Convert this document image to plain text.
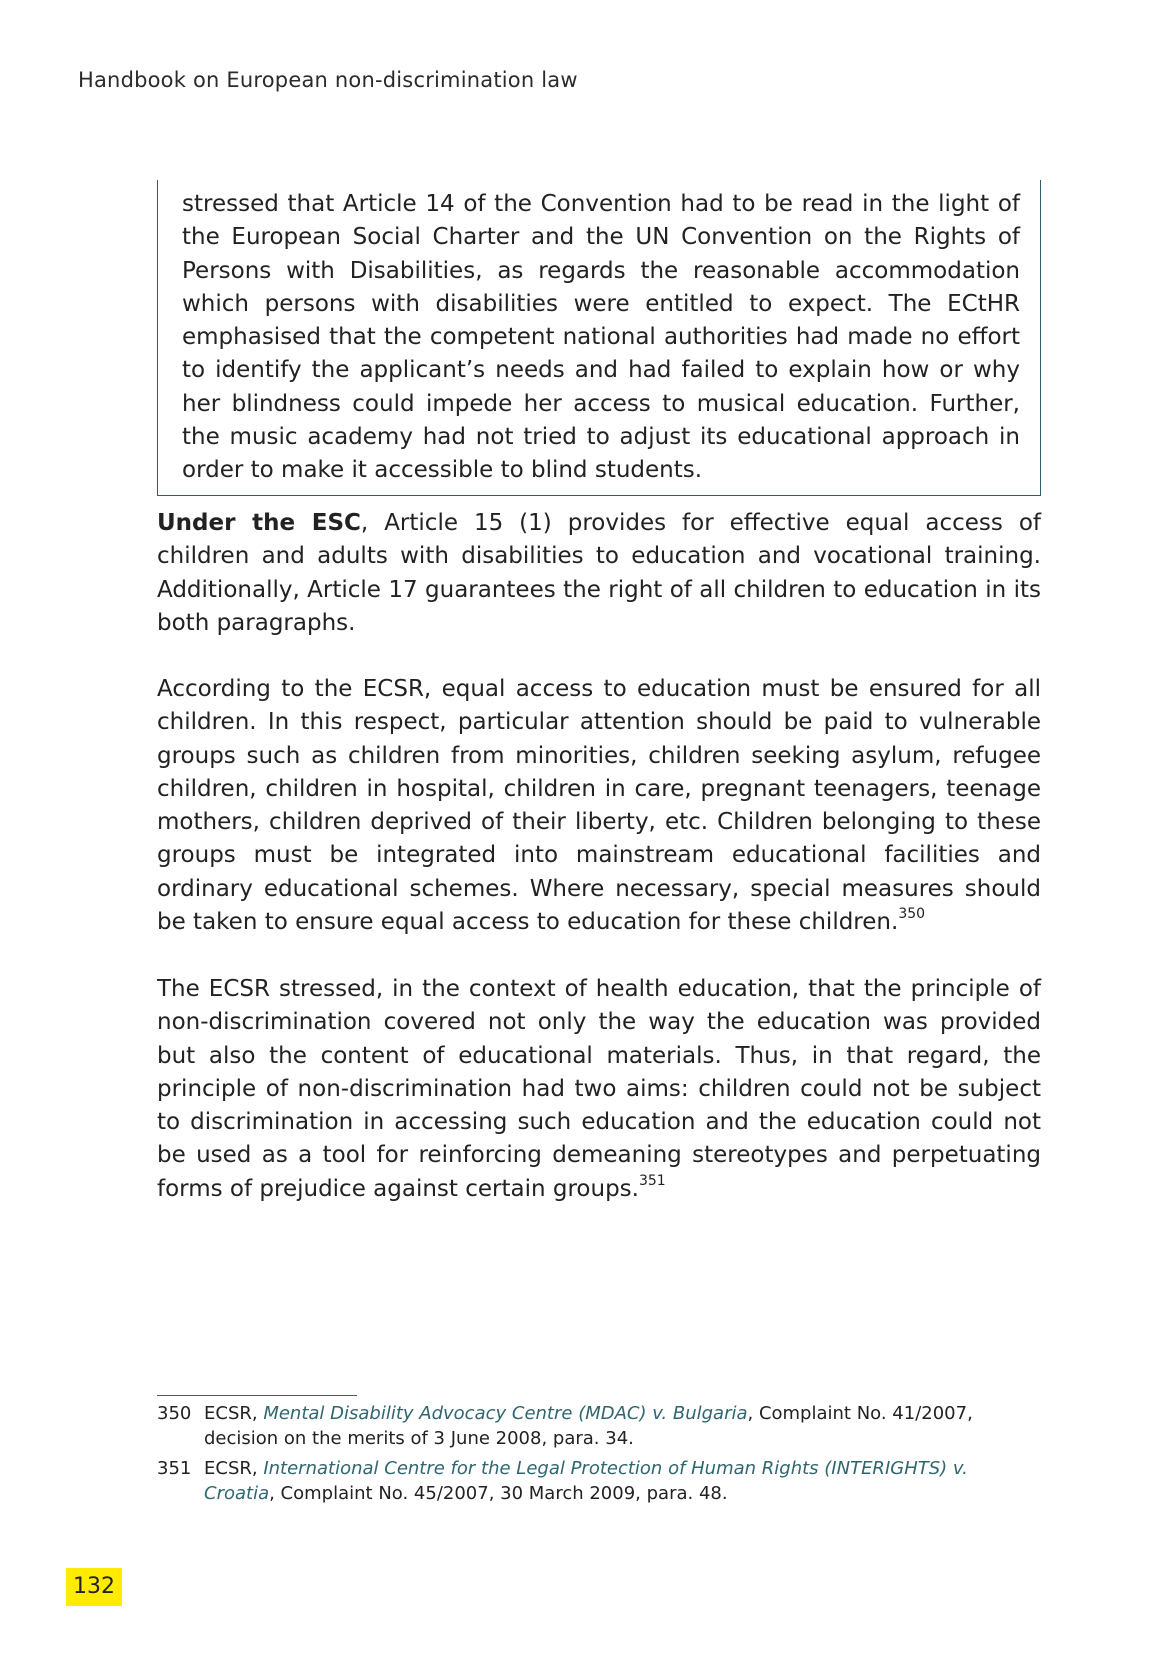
Handbook on European non-discrimination law

stressed that Article 14 of the Convention had to be read in the light of the European Social Charter and the UN Convention on the Rights of Persons with Disabilities, as regards the reasonable accommodation which persons with disabilities were entitled to expect. The ECtHR emphasised that the competent national authorities had made no effort to identify the applicant’s needs and had failed to explain how or why her blindness could impede her access to musical education. Further, the music academy had not tried to adjust its educational approach in order to make it accessible to blind students.

Under the ESC, Article 15 (1) provides for effective equal access of children and adults with disabilities to education and vocational training. Additionally, Article 17 guarantees the right of all children to education in its both paragraphs.

According to the ECSR, equal access to education must be ensured for all children. In this respect, particular attention should be paid to vulnerable groups such as children from minorities, children seeking asylum, refugee children, children in hospital, children in care, pregnant teenagers, teenage mothers, children deprived of their liberty, etc. Children belonging to these groups must be integrated into mainstream educational facilities and ordinary educational schemes. Where necessary, special measures should be taken to ensure equal access to education for these children.$^{350}$

The ECSR stressed, in the context of health education, that the principle of non-discrimination covered not only the way the education was provided but also the content of educational materials. Thus, in that regard, the principle of non-discrimination had two aims: children could not be subject to discrimination in accessing such education and the education could not be used as a tool for reinforcing demeaning stereotypes and perpetuating forms of prejudice against certain groups.$^{351}$

350 ECSR, Mental Disability Advocacy Centre (MDAC) v. Bulgaria, Complaint No. 41/2007, decision on the merits of 3 June 2008, para. 34.
351 ECSR, International Centre for the Legal Protection of Human Rights (INTERIGHTS) v. Croatia, Complaint No. 45/2007, 30 March 2009, para. 48.
132
